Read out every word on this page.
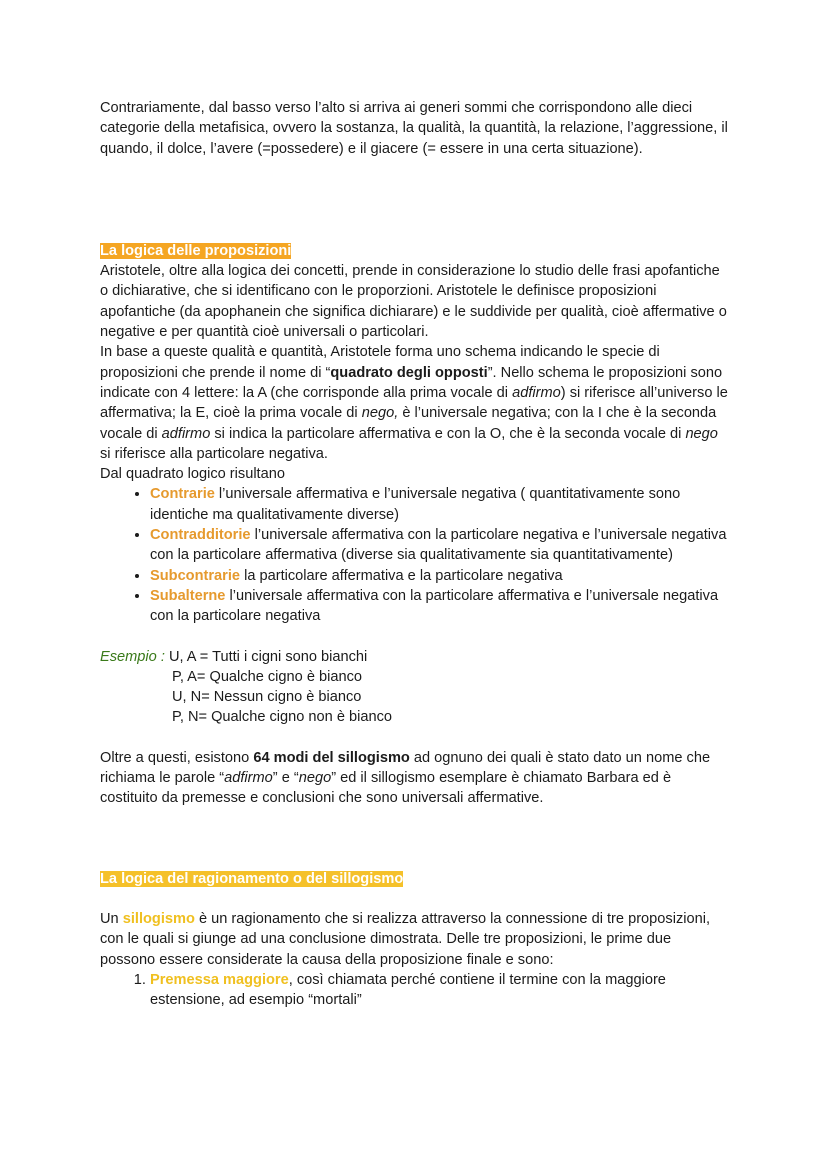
Contrariamente, dal basso verso l’alto si arriva ai generi sommi che corrispondono alle dieci categorie della metafisica, ovvero la sostanza, la qualità, la quantità, la relazione, l’aggressione, il quando, il dolce, l’avere (=possedere) e il giacere (= essere in una certa situazione).

La logica delle proposizioni

Aristotele, oltre alla logica dei concetti, prende in considerazione lo studio delle frasi apofantiche o dichiarative, che si identificano con le proporzioni. Aristotele le definisce proposizioni apofantiche (da apophanein che significa dichiarare) e le suddivide per qualità, cioè affermative o negative e per quantità cioè universali o particolari.

In base a queste qualità e quantità, Aristotele forma uno schema indicando le specie di proposizioni che prende il nome di “quadrato degli opposti”. Nello schema le proposizioni sono indicate con 4 lettere: la A (che corrisponde alla prima vocale di adfirmo) si riferisce all’universo le affermativa; la E, cioè la prima vocale di nego, è l’universale negativa; con la I che è la seconda vocale di adfirmo si indica la particolare affermativa e con la O, che è la seconda vocale di nego si riferisce alla particolare negativa.

Dal quadrato logico risultano

• Contrarie l’universale affermativa e l’universale negativa ( quantitativamente sono identiche ma qualitativamente diverse)
• Contradditorie l’universale affermativa con la particolare negativa e l’universale negativa con la particolare affermativa (diverse sia qualitativamente sia quantitativamente)
• Subcontrarie la particolare affermativa e la particolare negativa
• Subalterne l’universale affermativa con la particolare affermativa e l’universale negativa con la particolare negativa

Esempio : U, A = Tutti i cigni sono bianchi

P, A= Qualche cigno è bianco

U, N= Nessun cigno è bianco

P, N= Qualche cigno non è bianco

Oltre a questi, esistono 64 modi del sillogismo ad ognuno dei quali è stato dato un nome che richiama le parole “adfirmo” e “nego” ed il sillogismo esemplare è chiamato Barbara ed è costituito da premesse e conclusioni che sono universali affermative.

La logica del ragionamento o del sillogismo

Un sillogismo è un ragionamento che si realizza attraverso la connessione di tre proposizioni, con le quali si giunge ad una conclusione dimostrata. Delle tre proposizioni, le prime due possono essere considerate la causa della proposizione finale e sono:

1. Premessa maggiore, così chiamata perché contiene il termine con la maggiore estensione, ad esempio “mortali”
